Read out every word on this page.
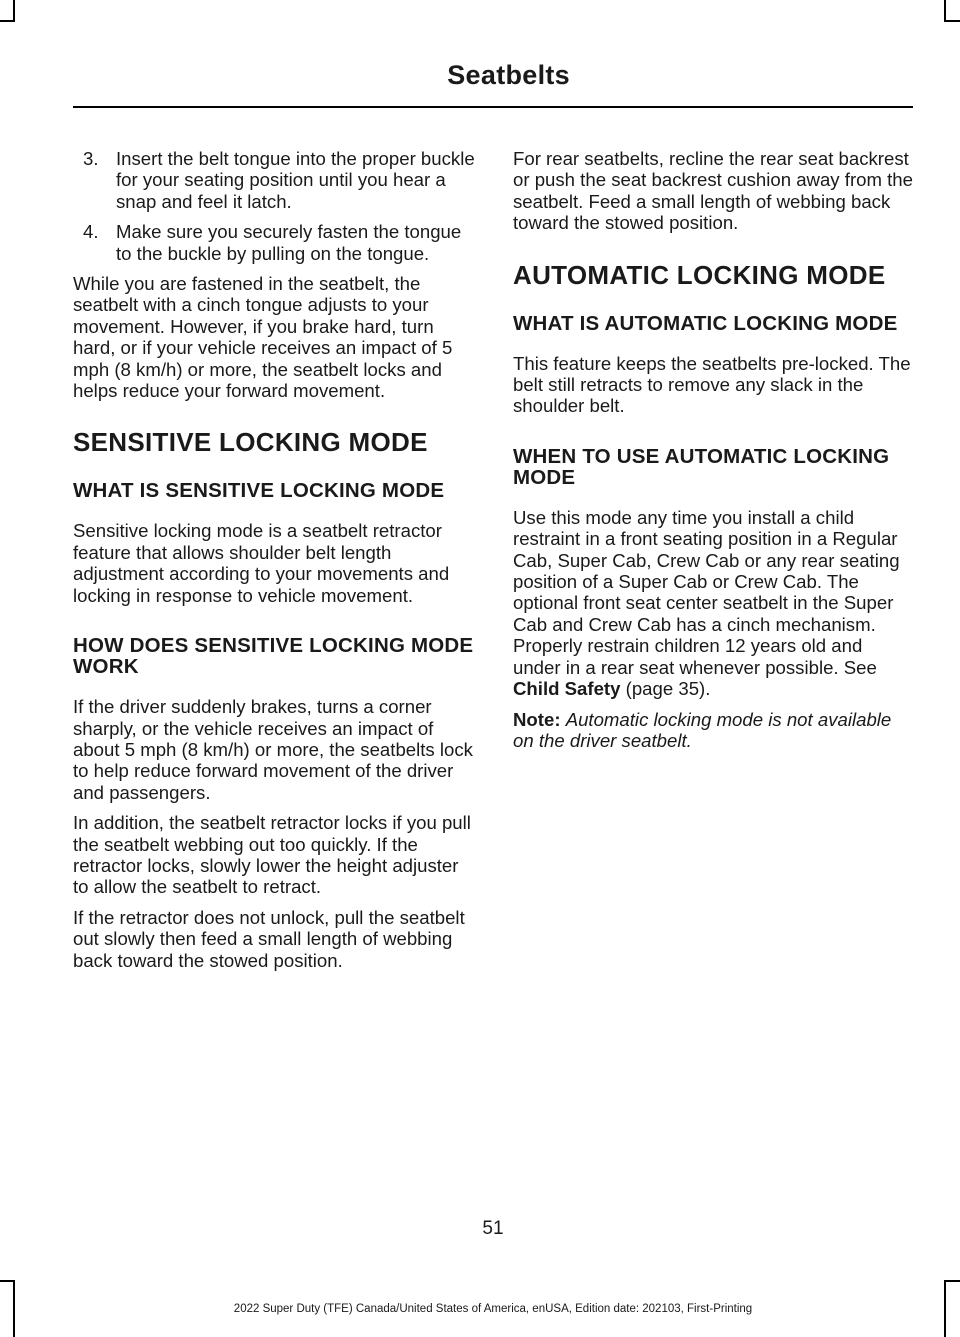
Seatbelts
3. Insert the belt tongue into the proper buckle for your seating position until you hear a snap and feel it latch.
4. Make sure you securely fasten the tongue to the buckle by pulling on the tongue.

While you are fastened in the seatbelt, the seatbelt with a cinch tongue adjusts to your movement. However, if you brake hard, turn hard, or if your vehicle receives an impact of 5 mph (8 km/h) or more, the seatbelt locks and helps reduce your forward movement.

SENSITIVE LOCKING MODE
WHAT IS SENSITIVE LOCKING MODE

Sensitive locking mode is a seatbelt retractor feature that allows shoulder belt length adjustment according to your movements and locking in response to vehicle movement.

HOW DOES SENSITIVE LOCKING MODE WORK

If the driver suddenly brakes, turns a corner sharply, or the vehicle receives an impact of about 5 mph (8 km/h) or more, the seatbelts lock to help reduce forward movement of the driver and passengers.

In addition, the seatbelt retractor locks if you pull the seatbelt webbing out too quickly. If the retractor locks, slowly lower the height adjuster to allow the seatbelt to retract.

If the retractor does not unlock, pull the seatbelt out slowly then feed a small length of webbing back toward the stowed position.

For rear seatbelts, recline the rear seat backrest or push the seat backrest cushion away from the seatbelt. Feed a small length of webbing back toward the stowed position.

AUTOMATIC LOCKING MODE
WHAT IS AUTOMATIC LOCKING MODE

This feature keeps the seatbelts pre-locked. The belt still retracts to remove any slack in the shoulder belt.

WHEN TO USE AUTOMATIC LOCKING MODE

Use this mode any time you install a child restraint in a front seating position in a Regular Cab, Super Cab, Crew Cab or any rear seating position of a Super Cab or Crew Cab. The optional front seat center seatbelt in the Super Cab and Crew Cab has a cinch mechanism. Properly restrain children 12 years old and under in a rear seat whenever possible. See Child Safety (page 35).

Note: Automatic locking mode is not available on the driver seatbelt.

51
2022 Super Duty (TFE) Canada/United States of America, enUSA, Edition date: 202103, First-Printing
